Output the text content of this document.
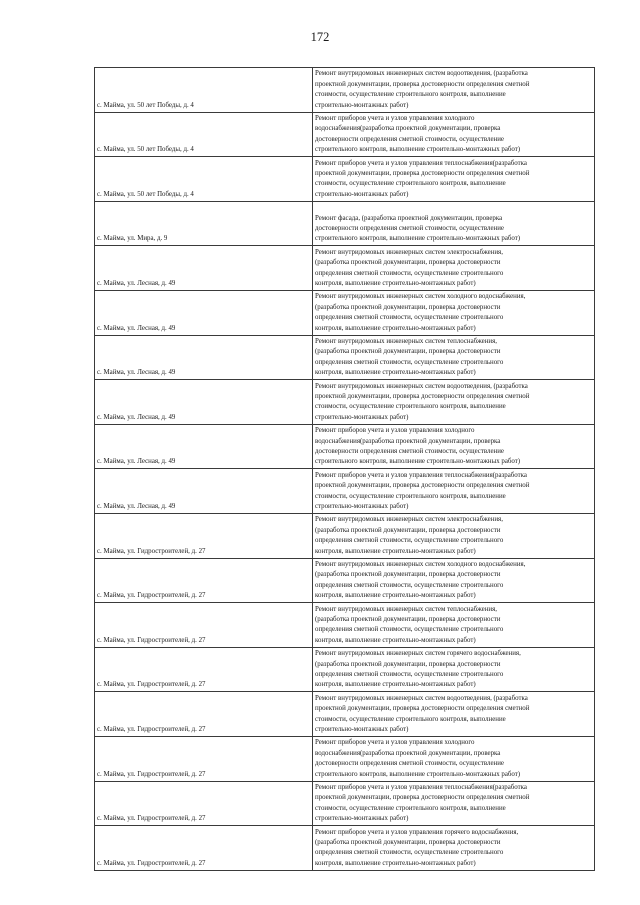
172
с. Майма, ул. 50 лет Победы, д. 4	Ремонт внутридомовых инженерных систем водоотведения, (разработка
проектной документации, проверка достоверности определения сметной
стоимости, осуществление строительного контроля, выполнение
строительно-монтажных работ)

с. Майма, ул. 50 лет Победы, д. 4	Ремонт приборов учета и узлов управления холодного
водоснабжения(разработка проектной документации, проверка
достоверности определения сметной стоимости, осуществление
строительного контроля, выполнение строительно-монтажных работ)

с. Майма, ул. 50 лет Победы, д. 4	Ремонт приборов учета и узлов управления теплоснабжения(разработка
проектной документации, проверка достоверности определения сметной
стоимости, осуществление строительного контроля, выполнение
строительно-монтажных работ)

с. Майма, ул. Мира, д. 9	Ремонт фасада, (разработка проектной документации, проверка
достоверности определения сметной стоимости, осуществление
строительного контроля, выполнение строительно-монтажных работ)

с. Майма, ул. Лесная, д. 49	Ремонт внутридомовых инженерных систем электроснабжения,
(разработка проектной документации, проверка достоверности
определения сметной стоимости, осуществление строительного
контроля, выполнение строительно-монтажных работ)

с. Майма, ул. Лесная, д. 49	Ремонт внутридомовых инженерных систем холодного водоснабжения,
(разработка проектной документации, проверка достоверности
определения сметной стоимости, осуществление строительного
контроля, выполнение строительно-монтажных работ)

с. Майма, ул. Лесная, д. 49	Ремонт внутридомовых инженерных систем теплоснабжения,
(разработка проектной документации, проверка достоверности
определения сметной стоимости, осуществление строительного
контроля, выполнение строительно-монтажных работ)

с. Майма, ул. Лесная, д. 49	Ремонт внутридомовых инженерных систем водоотведения, (разработка
проектной документации, проверка достоверности определения сметной
стоимости, осуществление строительного контроля, выполнение
строительно-монтажных работ)

с. Майма, ул. Лесная, д. 49	Ремонт приборов учета и узлов управления холодного
водоснабжения(разработка проектной документации, проверка
достоверности определения сметной стоимости, осуществление
строительного контроля, выполнение строительно-монтажных работ)

с. Майма, ул. Лесная, д. 49	Ремонт приборов учета и узлов управления теплоснабжения(разработка
проектной документации, проверка достоверности определения сметной
стоимости, осуществление строительного контроля, выполнение
строительно-монтажных работ)

с. Майма, ул. Гидростроителей, д. 27	Ремонт внутридомовых инженерных систем электроснабжения,
(разработка проектной документации, проверка достоверности
определения сметной стоимости, осуществление строительного
контроля, выполнение строительно-монтажных работ)

с. Майма, ул. Гидростроителей, д. 27	Ремонт внутридомовых инженерных систем холодного водоснабжения,
(разработка проектной документации, проверка достоверности
определения сметной стоимости, осуществление строительного
контроля, выполнение строительно-монтажных работ)

с. Майма, ул. Гидростроителей, д. 27	Ремонт внутридомовых инженерных систем теплоснабжения,
(разработка проектной документации, проверка достоверности
определения сметной стоимости, осуществление строительного
контроля, выполнение строительно-монтажных работ)

с. Майма, ул. Гидростроителей, д. 27	Ремонт внутридомовых инженерных систем горячего водоснабжения,
(разработка проектной документации, проверка достоверности
определения сметной стоимости, осуществление строительного
контроля, выполнение строительно-монтажных работ)

с. Майма, ул. Гидростроителей, д. 27	Ремонт внутридомовых инженерных систем водоотведения, (разработка
проектной документации, проверка достоверности определения сметной
стоимости, осуществление строительного контроля, выполнение
строительно-монтажных работ)

с. Майма, ул. Гидростроителей, д. 27	Ремонт приборов учета и узлов управления холодного
водоснабжения(разработка проектной документации, проверка
достоверности определения сметной стоимости, осуществление
строительного контроля, выполнение строительно-монтажных работ)

с. Майма, ул. Гидростроителей, д. 27	Ремонт приборов учета и узлов управления теплоснабжения(разработка
проектной документации, проверка достоверности определения сметной
стоимости, осуществление строительного контроля, выполнение
строительно-монтажных работ)

с. Майма, ул. Гидростроителей, д. 27	Ремонт приборов учета и узлов управления горячего водоснабжения,
(разработка проектной документации, проверка достоверности
определения сметной стоимости, осуществление строительного
контроля, выполнение строительно-монтажных работ)
